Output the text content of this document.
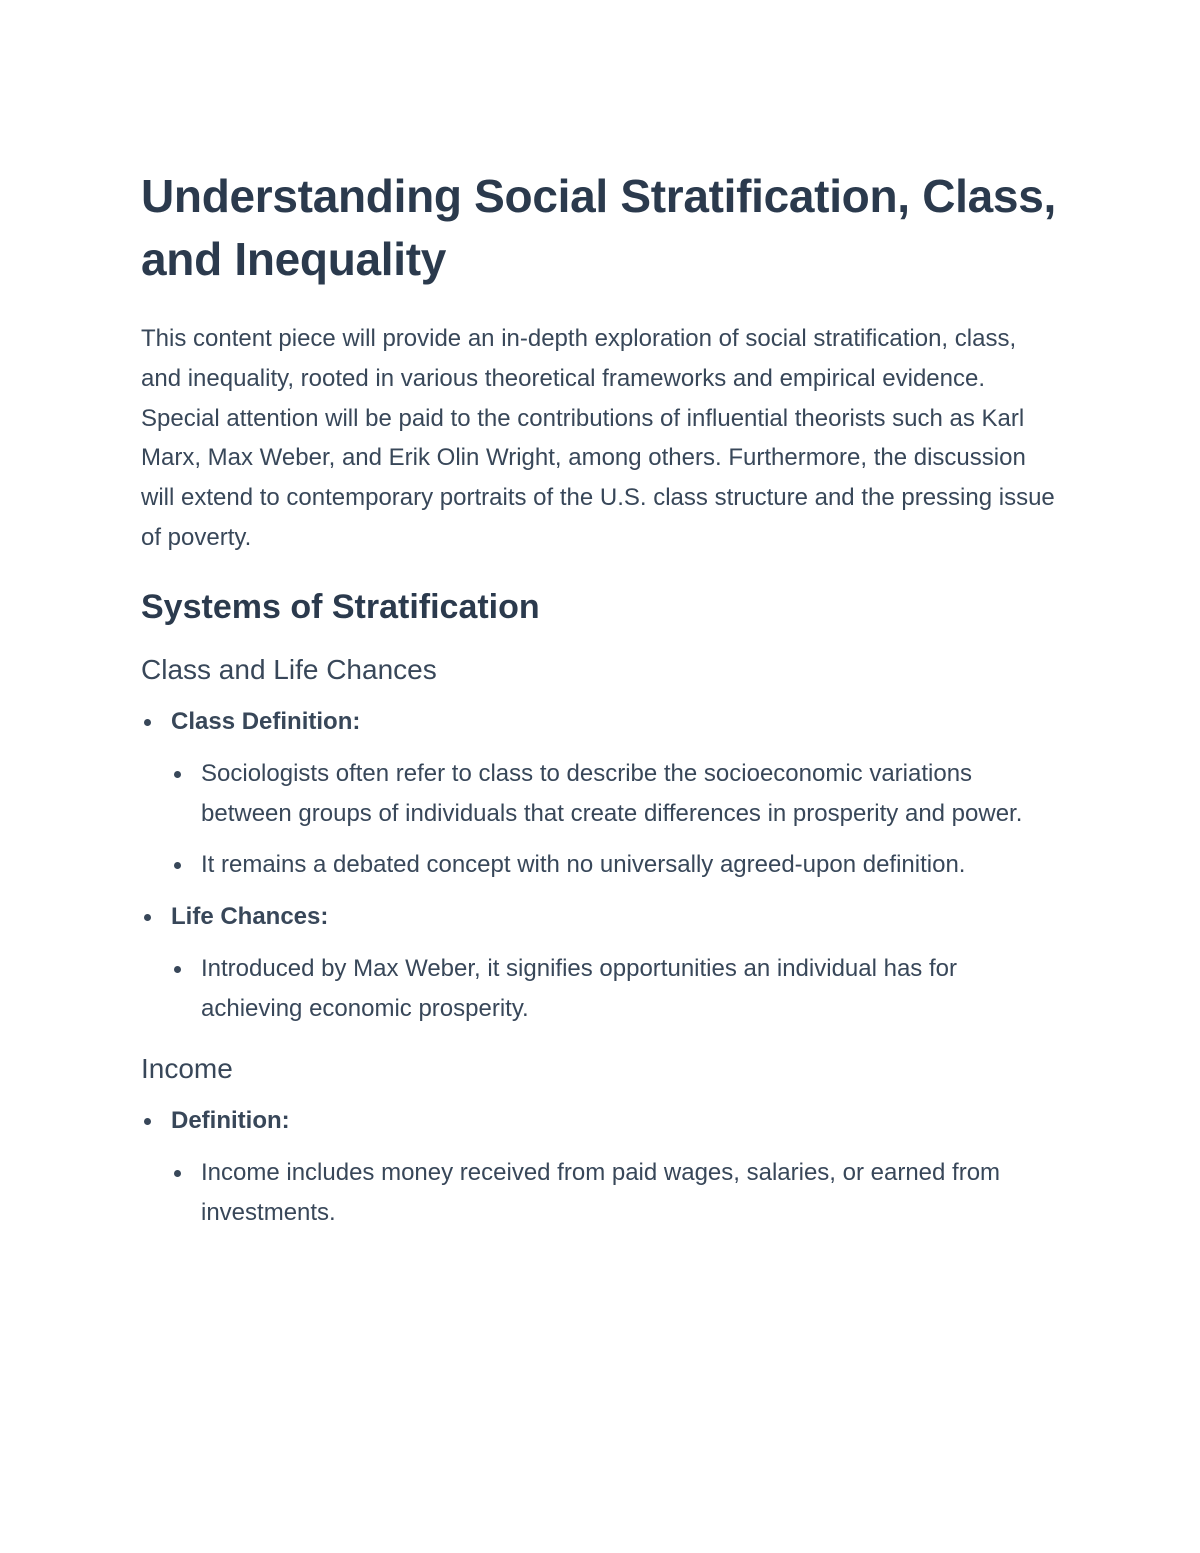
Understanding Social Stratification, Class, and Inequality

This content piece will provide an in-depth exploration of social stratification, class, and inequality, rooted in various theoretical frameworks and empirical evidence. Special attention will be paid to the contributions of influential theorists such as Karl Marx, Max Weber, and Erik Olin Wright, among others. Furthermore, the discussion will extend to contemporary portraits of the U.S. class structure and the pressing issue of poverty.

Systems of Stratification
Class and Life Chances
Class Definition:
Sociologists often refer to class to describe the socioeconomic variations between groups of individuals that create differences in prosperity and power.
It remains a debated concept with no universally agreed-upon definition.
Life Chances:
Introduced by Max Weber, it signifies opportunities an individual has for achieving economic prosperity.
Income
Definition:
Income includes money received from paid wages, salaries, or earned from investments.
